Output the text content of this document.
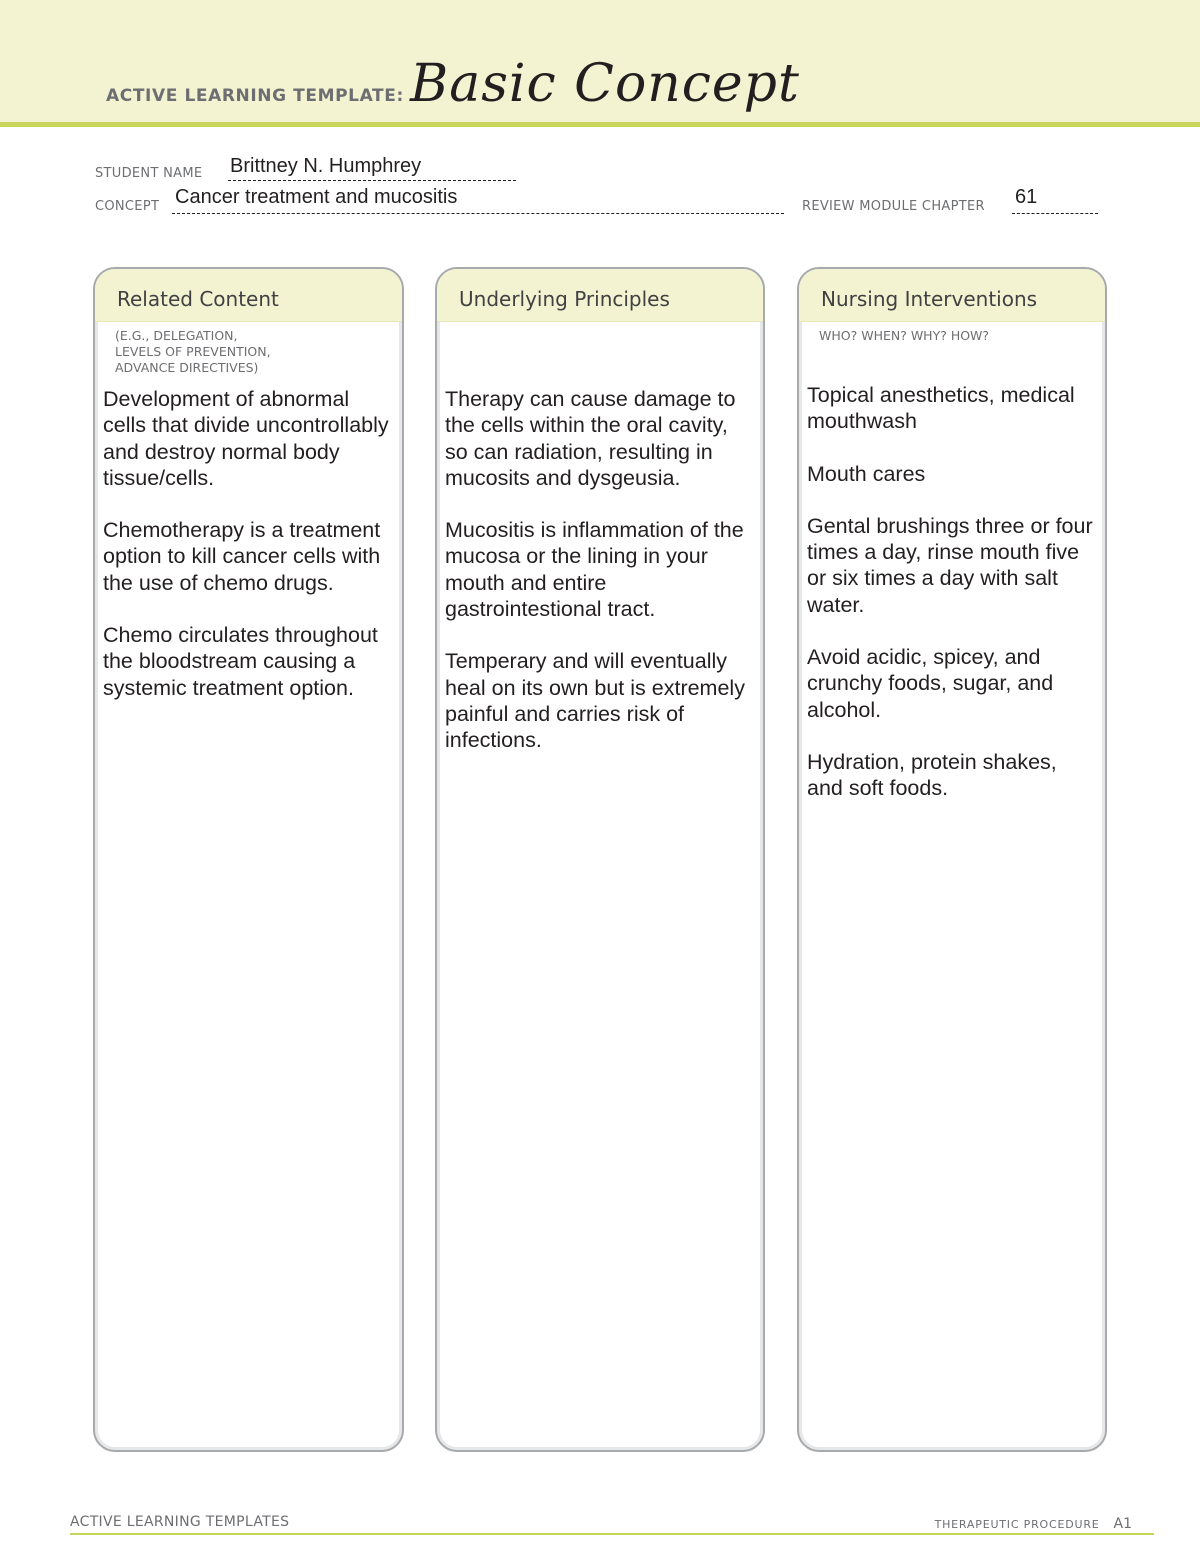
ACTIVE LEARNING TEMPLATE: Basic Concept
STUDENT NAME Brittney N. Humphrey
CONCEPT Cancer treatment and mucositis	REVIEW MODULE CHAPTER 61
Related Content
(E.G., DELEGATION,
LEVELS OF PREVENTION,
ADVANCE DIRECTIVES)

Development of abnormal cells that divide uncontrollably and destroy normal body tissue/cells.

Chemotherapy is a treatment option to kill cancer cells with the use of chemo drugs.

Chemo circulates throughout the bloodstream causing a systemic treatment option.

Underlying Principles

Therapy can cause damage to the cells within the oral cavity, so can radiation, resulting in mucosits and dysgeusia.

Mucositis is inflammation of the mucosa or the lining in your mouth and entire gastrointestional tract.

Temperary and will eventually heal on its own but is extremely painful and carries risk of infections.

Nursing Interventions
WHO? WHEN? WHY? HOW?

Topical anesthetics, medical mouthwash

Mouth cares

Gental brushings three or four times a day, rinse mouth five or six times a day with salt water.

Avoid acidic, spicey, and crunchy foods, sugar, and alcohol.

Hydration, protein shakes, and soft foods.

ACTIVE LEARNING TEMPLATES	THERAPEUTIC PROCEDURE A1
